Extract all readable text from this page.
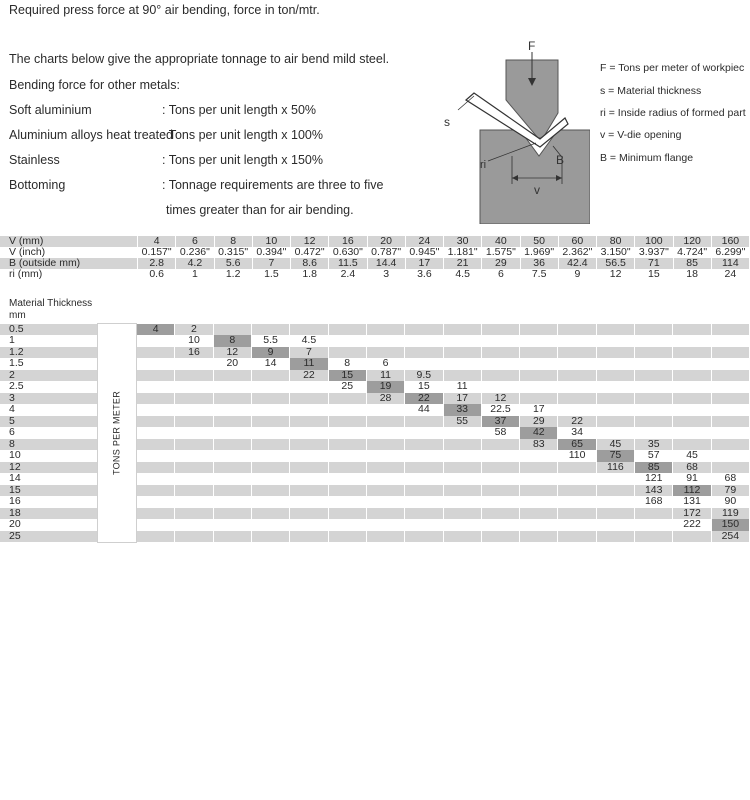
Required press force at 90° air bending, force in ton/mtr.
The charts below give the appropriate tonnage to air bend mild steel.
Bending force for other metals:
Soft aluminium	: Tons per unit length x 50%
Aluminium alloys heat treated
: Tons per unit length x 100%
Stainless	: Tons per unit length x 150%
Bottoming	: Tonnage requirements are three to five
times greater than for air bending.
F
s
ri	B
v
F = Tons per meter of workpiec
s = Material thickness
ri = Inside radius of formed part
v = V-die opening
B = Minimum flange
V (mm)	4	6	8	10	12	16	20	24	30	40	50	60	80	100	120	160
V (inch)	0.157"	0.236"	0.315"	0.394"	0.472"	0.630"	0.787"	0.945"	1.181"	1.575"	1.969"	2.362"	3.150"	3.937"	4.724"	6.299"
B (outside mm)	2.8	4.2	5.6	7	8.6	11.5	14.4	17	21	29	36	42.4	56.5	71	85	114
ri (mm)	0.6	1	1.2	1.5	1.8	2.4	3	3.6	4.5	6	7.5	9	12	15	18	24
Material Thickness
mm
0.5	TONS PER METER	4	2														
1			10	8	5.5	4.5											
1.2			16	12	9	7											
1.5				20	14	11	8	6									
2						22	15	11	9.5								
2.5							25	19	15	11							
3								28	22	17	12						
4									44	33	22.5	17					
5										55	37	29	22				
6											58	42	34				
8												83	65	45	35		
10													110	75	57	45	
12														116	85	68	
14															121	91	68
15															143	112	79
16															168	131	90
18																172	119
20																222	150
25																	254
